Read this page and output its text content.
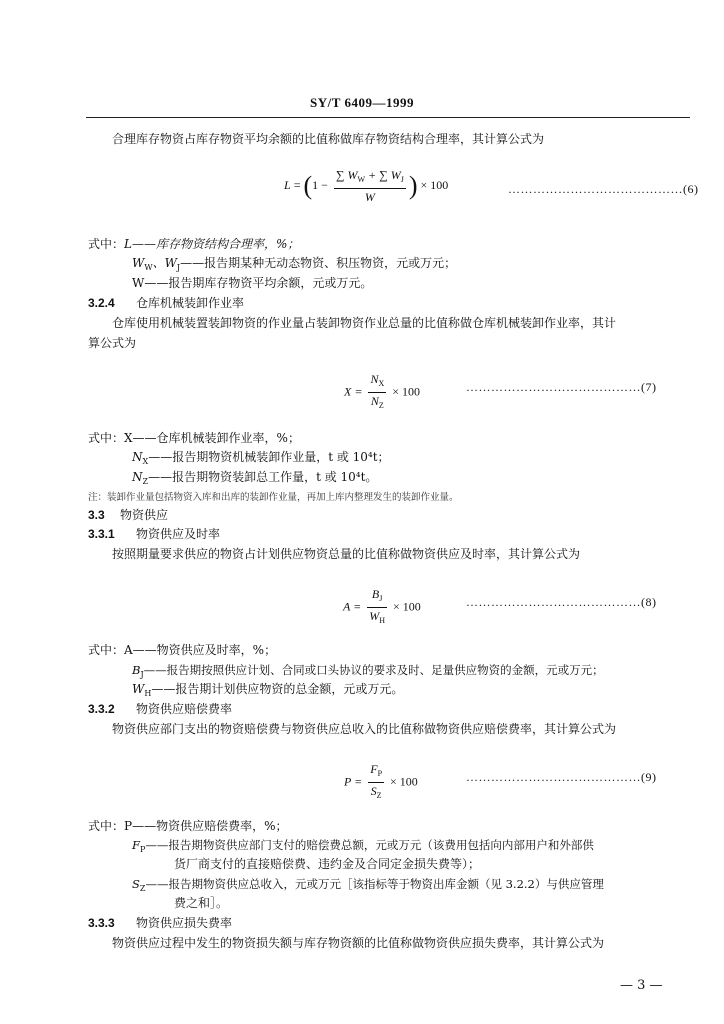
SY/T 6409—1999
合理库存物资占库存物资平均余额的比值称做库存物资结构合理率，其计算公式为
$L = (1 - \frac{\sum W_W + \sum W_J}{W}$ ) × 100	……………………………………(6)
式中：L——库存物资结构合理率，%；
$W_W$、$W_J——$报告期某种无动态物资、积压物资，元或万元；
W——报告期库存物资平均余额，元或万元。
3.2.4 仓库机械装卸作业率
仓库使用机械装置装卸物资的作业量占装卸物资作业总量的比值称做仓库机械装卸作业率，其计
算公式为
$X = \frac{N_X}{N_Z} \times 100$	……………………………………(7)
式中：X——仓库机械装卸作业率，%；
$N_X——$报告期物资机械装卸作业量，t 或 10⁴t；
$N_Z——$报告期物资装卸总工作量，t 或 10⁴t。
注：装卸作业量包括物资入库和出库的装卸作业量，再加上库内整理发生的装卸作业量。
3.3 物资供应
3.3.1 物资供应及时率
按照期量要求供应的物资占计划供应物资总量的比值称做物资供应及时率，其计算公式为
$A = \frac{B_J}{W_H} \times 100$	……………………………………(8)
式中：A——物资供应及时率，%；
$B_J——$报告期按照供应计划、合同或口头协议的要求及时、足量供应物资的金额，元或万元；
$W_H——$报告期计划供应物资的总金额，元或万元。
3.3.2 物资供应赔偿费率
物资供应部门支出的物资赔偿费与物资供应总收入的比值称做物资供应赔偿费率，其计算公式为
$P = \frac{F_P}{S_Z} \times 100$	……………………………………(9)
式中：P——物资供应赔偿费率，%；
$F_P——$报告期物资供应部门支付的赔偿费总额，元或万元（该费用包括向内部用户和外部供
货厂商支付的直接赔偿费、违约金及合同定金损失费等）；
$S_Z——$报告期物资供应总收入，元或万元［该指标等于物资出库金额（见 3.2.2）与供应管理
费之和］。
3.3.3 物资供应损失费率
物资供应过程中发生的物资损失额与库存物资额的比值称做物资供应损失费率，其计算公式为
— 3 —
